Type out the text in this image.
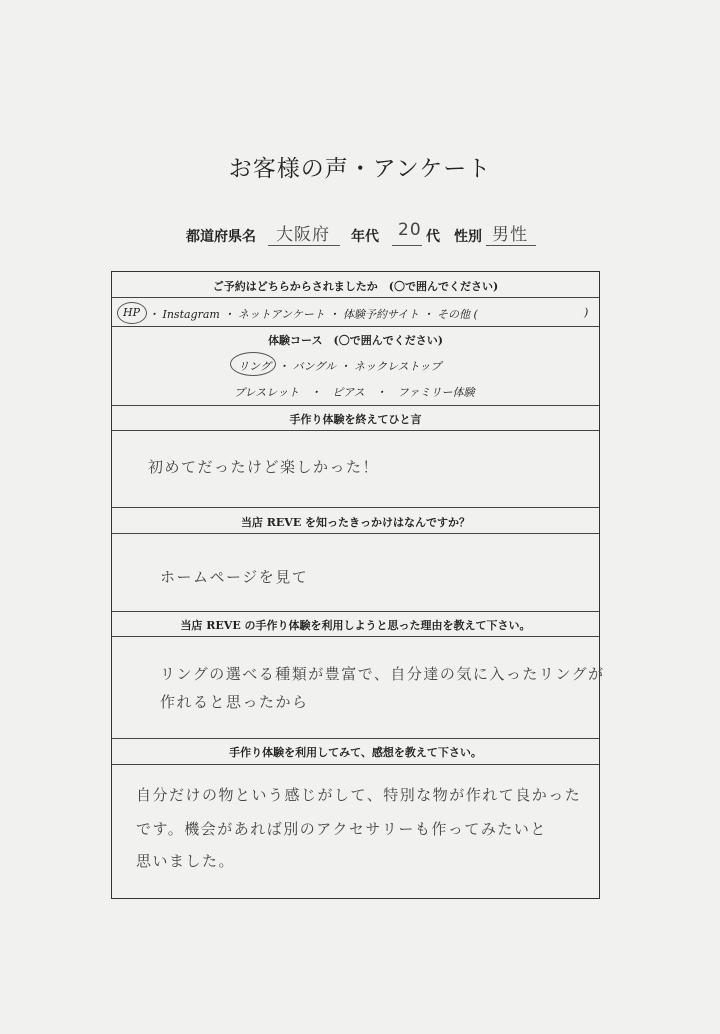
お客様の声・アンケート
都道府県名 大阪府 年代 20 代 性別 男性
ご予約はどちらからされましたか　(〇で囲んでください)
HP ・ Instagram ・ ネットアンケート ・ 体験予約サイト ・ その他 (	)
体験コース　(〇で囲んでください)
リング ・ バングル ・ ネックレストップ
ブレスレット　・　ピアス　・　ファミリー体験
手作り体験を終えてひと言
初めてだったけど楽しかった！
当店 REVE を知ったきっかけはなんですか？
ホームページを見て
当店 REVE の手作り体験を利用しようと思った理由を教えて下さい。
リングの選べる種類が豊富で、自分達の気に入ったリングが
作れると思ったから
手作り体験を利用してみて、感想を教えて下さい。
自分だけの物という感じがして、特別な物が作れて良かった
です。機会があれば別のアクセサリーも作ってみたいと
思いました。
